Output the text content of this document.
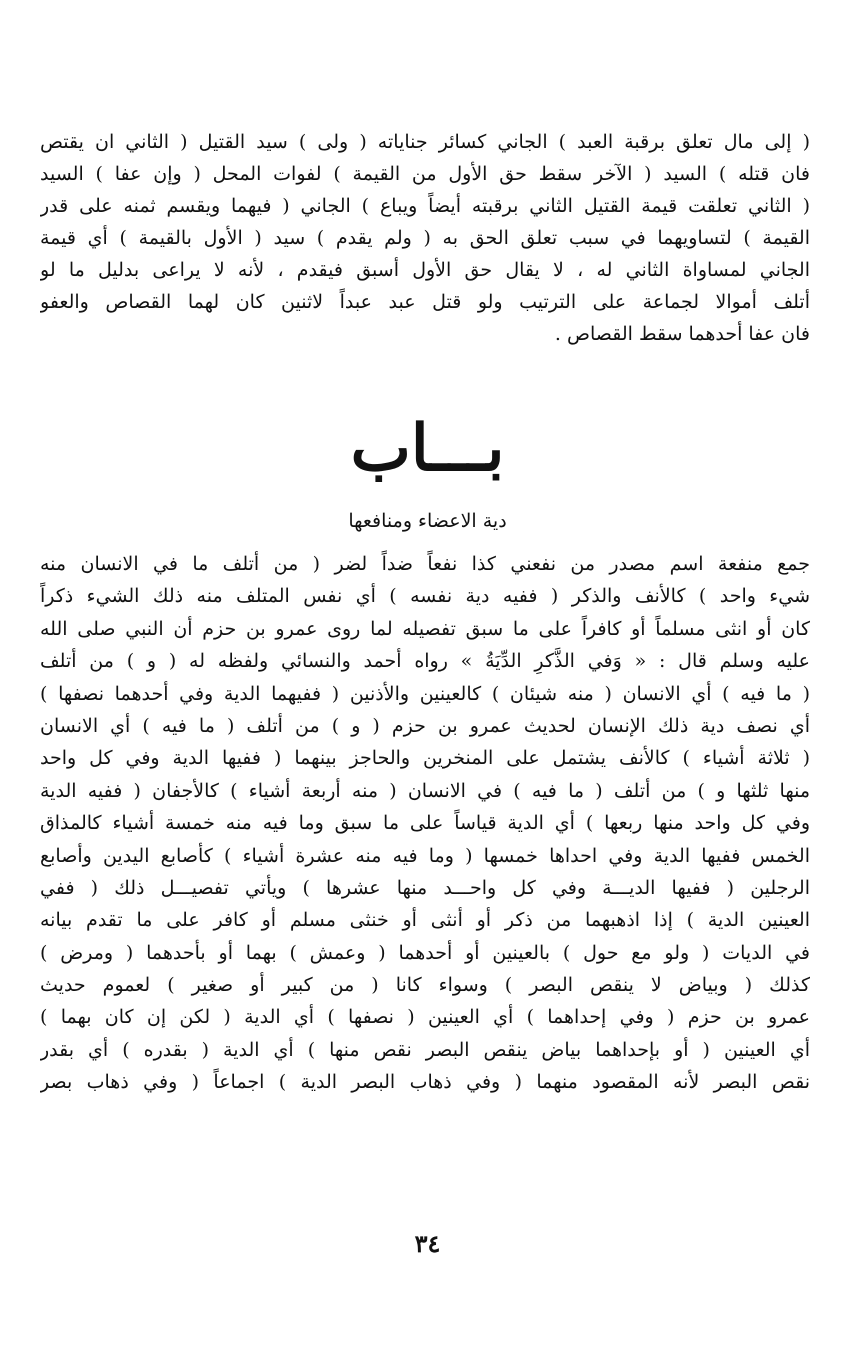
( إلى مال تعلق برقبة العبد ) الجاني كسائر جناياته ( ولى ) سيد القتيل ( الثاني ان يقتص
فان قتله ) السيد ( الآخر سقط حق الأول من القيمة ) لفوات المحل ( وإن عفا ) السيد
( الثاني تعلقت قيمة القتيل الثاني برقبته أيضاً ويباع ) الجاني ( فيهما ويقسم ثمنه على قدر
القيمة ) لتساويهما في سبب تعلق الحق به ( ولم يقدم ) سيد ( الأول بالقيمة ) أي قيمة
الجاني لمساواة الثاني له ، لا يقال حق الأول أسبق فيقدم ، لأنه لا يراعى بدليل ما لو
أتلف أموالا لجماعة على الترتيب ولو قتل عبد عبداً لاثنين كان لهما القصاص والعفو
فان عفا أحدهما سقط القصاص .
بـــاب
دية الاعضاء ومنافعها
جمع منفعة اسم مصدر من نفعني كذا نفعاً ضداً لضر ( من أتلف ما في الانسان منه
شيء واحد ) كالأنف والذكر ( ففيه دية نفسه ) أي نفس المتلف منه ذلك الشيء ذكراً
كان أو انثى مسلماً أو كافراً على ما سبق تفصيله لما روى عمرو بن حزم أن النبي صلى الله
عليه وسلم قال : « وَفي الذَّكرِ الدِّيَةُ » رواه أحمد والنسائي ولفظه له ( و ) من أتلف
( ما فيه ) أي الانسان ( منه شيئان ) كالعينين والأذنين ( ففيهما الدية وفي أحدهما نصفها )
أي نصف دية ذلك الإنسان لحديث عمرو بن حزم ( و ) من أتلف ( ما فيه ) أي الانسان
( ثلاثة أشياء ) كالأنف يشتمل على المنخرين والحاجز بينهما ( ففيها الدية وفي كل واحد
منها ثلثها و ) من أتلف ( ما فيه ) في الانسان ( منه أربعة أشياء ) كالأجفان ( ففيه الدية
وفي كل واحد منها ربعها ) أي الدية قياساً على ما سبق وما فيه منه خمسة أشياء كالمذاق
الخمس ففيها الدية وفي احداها خمسها ( وما فيه منه عشرة أشياء ) كأصابع اليدين وأصابع
الرجلين ( ففيها الديـــة وفي كل واحـــد منها عشرها ) ويأتي تفصيـــل ذلك ( ففي
العينين الدية ) إذا اذهبهما من ذكر أو أنثى أو خنثى مسلم أو كافر على ما تقدم بيانه
في الديات ( ولو مع حول ) بالعينين أو أحدهما ( وعمش ) بهما أو بأحدهما ( ومرض )
كذلك ( وبياض لا ينقص البصر ) وسواء كانا ( من كبير أو صغير ) لعموم حديث
عمرو بن حزم ( وفي إحداهما ) أي العينين ( نصفها ) أي الدية ( لكن إن كان بهما )
أي العينين ( أو بإحداهما بياض ينقص البصر نقص منها ) أي الدية ( بقدره ) أي بقدر
نقص البصر لأنه المقصود منهما ( وفي ذهاب البصر الدية ) اجماعاً ( وفي ذهاب بصر
٣٤
